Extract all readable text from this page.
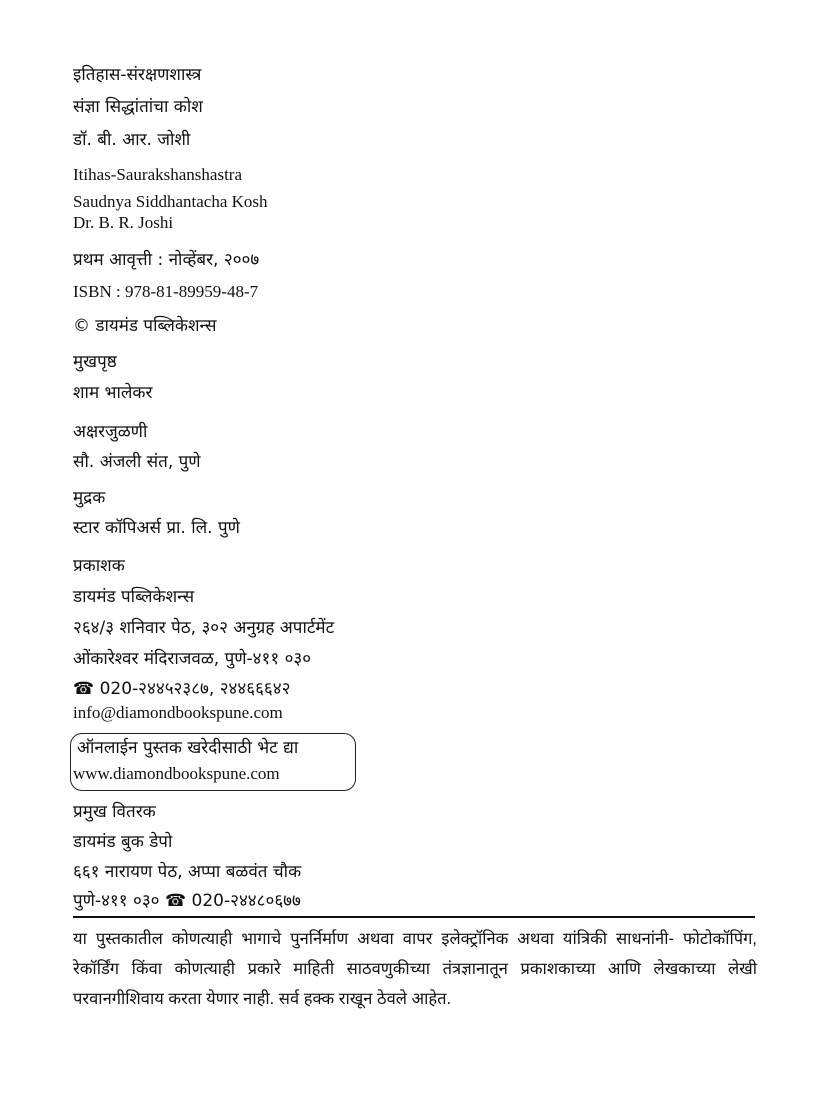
इतिहास-संरक्षणशास्त्र
संज्ञा सिद्धांतांचा कोश
डॉ. बी. आर. जोशी
Itihas-Saurakshanshastra
Saudnya Siddhantacha Kosh
Dr. B. R. Joshi
प्रथम आवृत्ती : नोव्हेंबर, २००७
ISBN : 978-81-89959-48-7
© डायमंड पब्लिकेशन्स
मुखपृष्ठ
शाम भालेकर
अक्षरजुळणी
सौ. अंजली संत, पुणे
मुद्रक
स्टार कॉपिअर्स प्रा. लि. पुणे
प्रकाशक
डायमंड पब्लिकेशन्स
२६४/३ शनिवार पेठ, ३०२ अनुग्रह अपार्टमेंट
ओंकारेश्वर मंदिराजवळ, पुणे-४११ ०३०
☎ 020-२४४५२३८७, २४४६६६४२
info@diamondbookspune.com
ऑनलाईन पुस्तक खरेदीसाठी भेट द्या
www.diamondbookspune.com
प्रमुख वितरक
डायमंड बुक डेपो
६६१ नारायण पेठ, अप्पा बळवंत चौक
पुणे-४११ ०३० ☎ 020-२४४८०६७७
या पुस्तकातील कोणत्याही भागाचे पुनर्निर्माण अथवा वापर इलेक्ट्रॉनिक अथवा यांत्रिकी साधनांनी- फोटोकॉपिंग, रेकॉर्डिंग किंवा कोणत्याही प्रकारे माहिती साठवणुकीच्या तंत्रज्ञानातून प्रकाशकाच्या आणि लेखकाच्या लेखी परवानगीशिवाय करता येणार नाही. सर्व हक्क राखून ठेवले आहेत.
